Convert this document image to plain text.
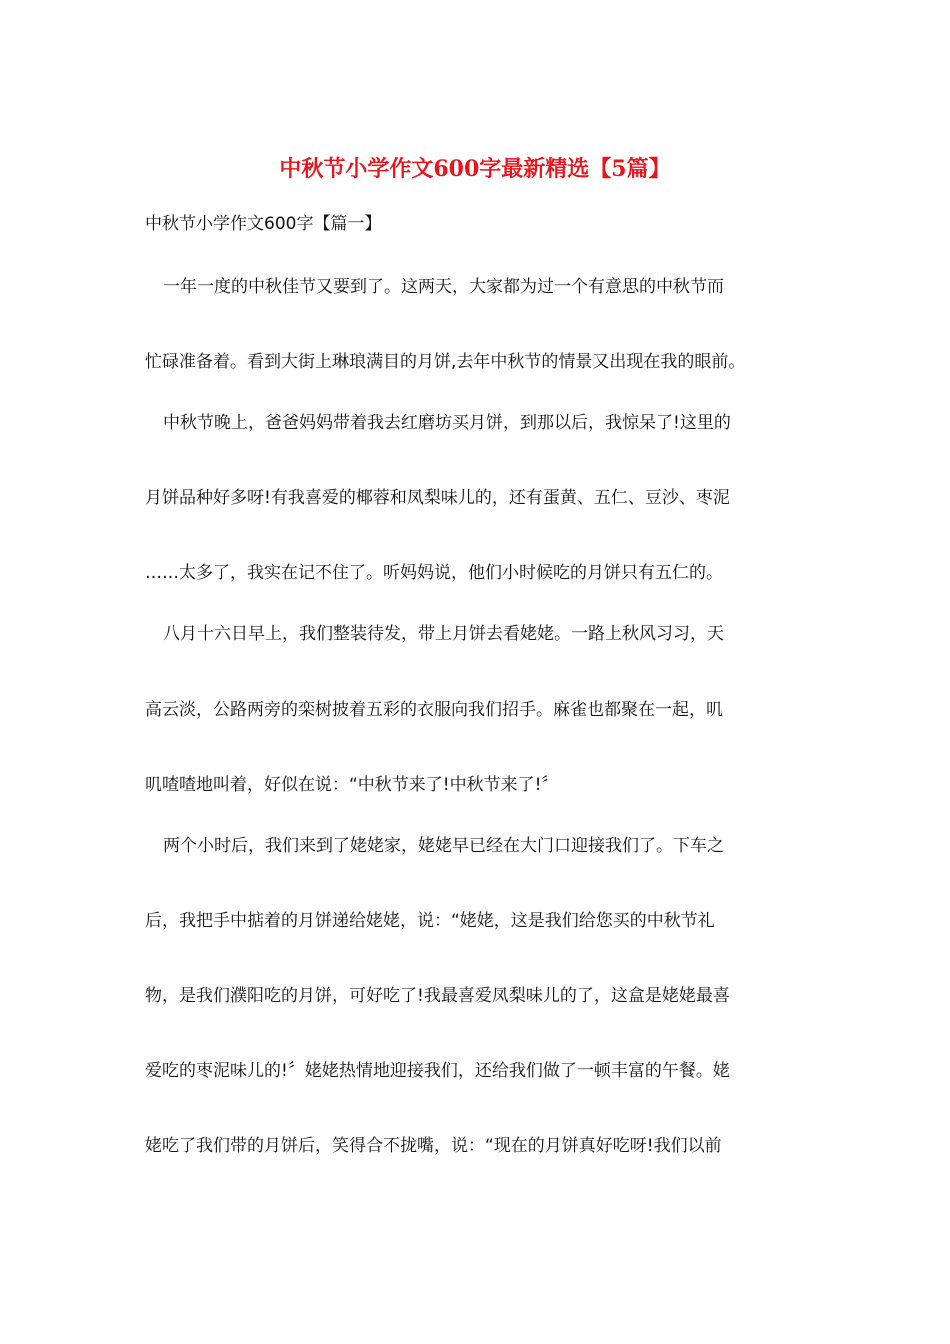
中秋节小学作文600字最新精选【5篇】

中秋节小学作文600字【篇一】

一年一度的中秋佳节又要到了。这两天，大家都为过一个有意思的中秋节而

忙碌准备着。看到大街上琳琅满目的月饼,去年中秋节的情景又出现在我的眼前。

中秋节晚上，爸爸妈妈带着我去红磨坊买月饼，到那以后，我惊呆了!这里的

月饼品种好多呀!有我喜爱的椰蓉和凤梨味儿的，还有蛋黄、五仁、豆沙、枣泥

……太多了，我实在记不住了。听妈妈说，他们小时候吃的月饼只有五仁的。

八月十六日早上，我们整装待发，带上月饼去看姥姥。一路上秋风习习，天

高云淡，公路两旁的栾树披着五彩的衣服向我们招手。麻雀也都聚在一起，叽

叽喳喳地叫着，好似在说：“中秋节来了!中秋节来了!〞

两个小时后，我们来到了姥姥家，姥姥早已经在大门口迎接我们了。下车之

后，我把手中掂着的月饼递给姥姥，说：“姥姥，这是我们给您买的中秋节礼

物，是我们濮阳吃的月饼，可好吃了!我最喜爱凤梨味儿的了，这盒是姥姥最喜

爱吃的枣泥味儿的!〞姥姥热情地迎接我们，还给我们做了一顿丰富的午餐。姥

姥吃了我们带的月饼后，笑得合不拢嘴，说：“现在的月饼真好吃呀!我们以前
